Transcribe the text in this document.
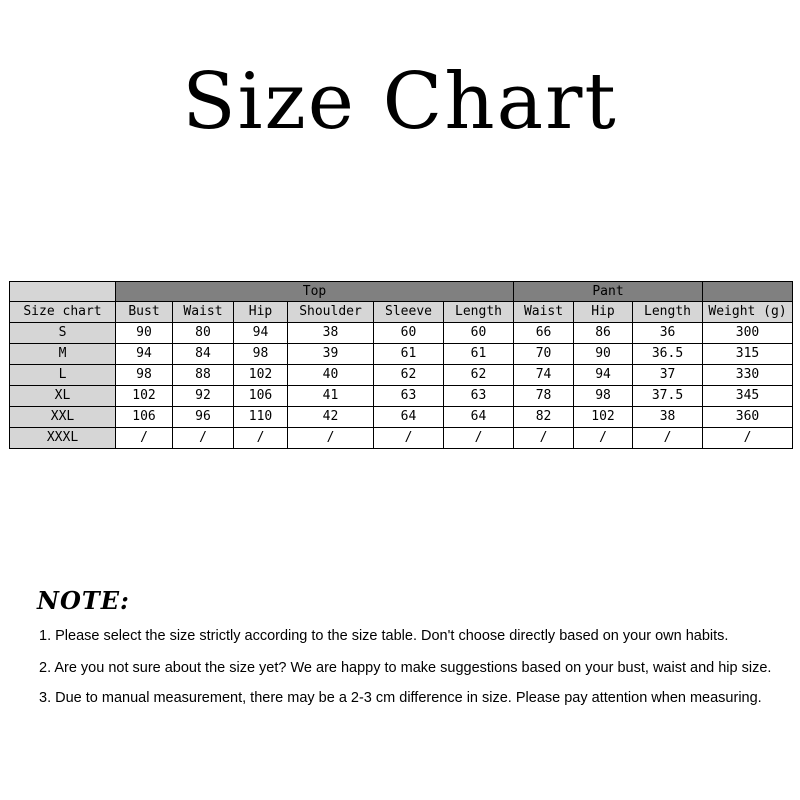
Size Chart
	Top						Pant			
Size chart	Bust	Waist	Hip	Shoulder	Sleeve	Length	Waist	Hip	Length	Weight (g)
S	90	80	94	38	60	60	66	86	36	300
M	94	84	98	39	61	61	70	90	36.5	315
L	98	88	102	40	62	62	74	94	37	330
XL	102	92	106	41	63	63	78	98	37.5	345
XXL	106	96	110	42	64	64	82	102	38	360
XXXL	/	/	/	/	/	/	/	/	/	/
NOTE:
1. Please select the size strictly according to the size table. Don't choose directly based on your own habits.
2. Are you not sure about the size yet? We are happy to make suggestions based on your bust, waist and hip size.
3. Due to manual measurement, there may be a 2-3 cm difference in size. Please pay attention when measuring.
